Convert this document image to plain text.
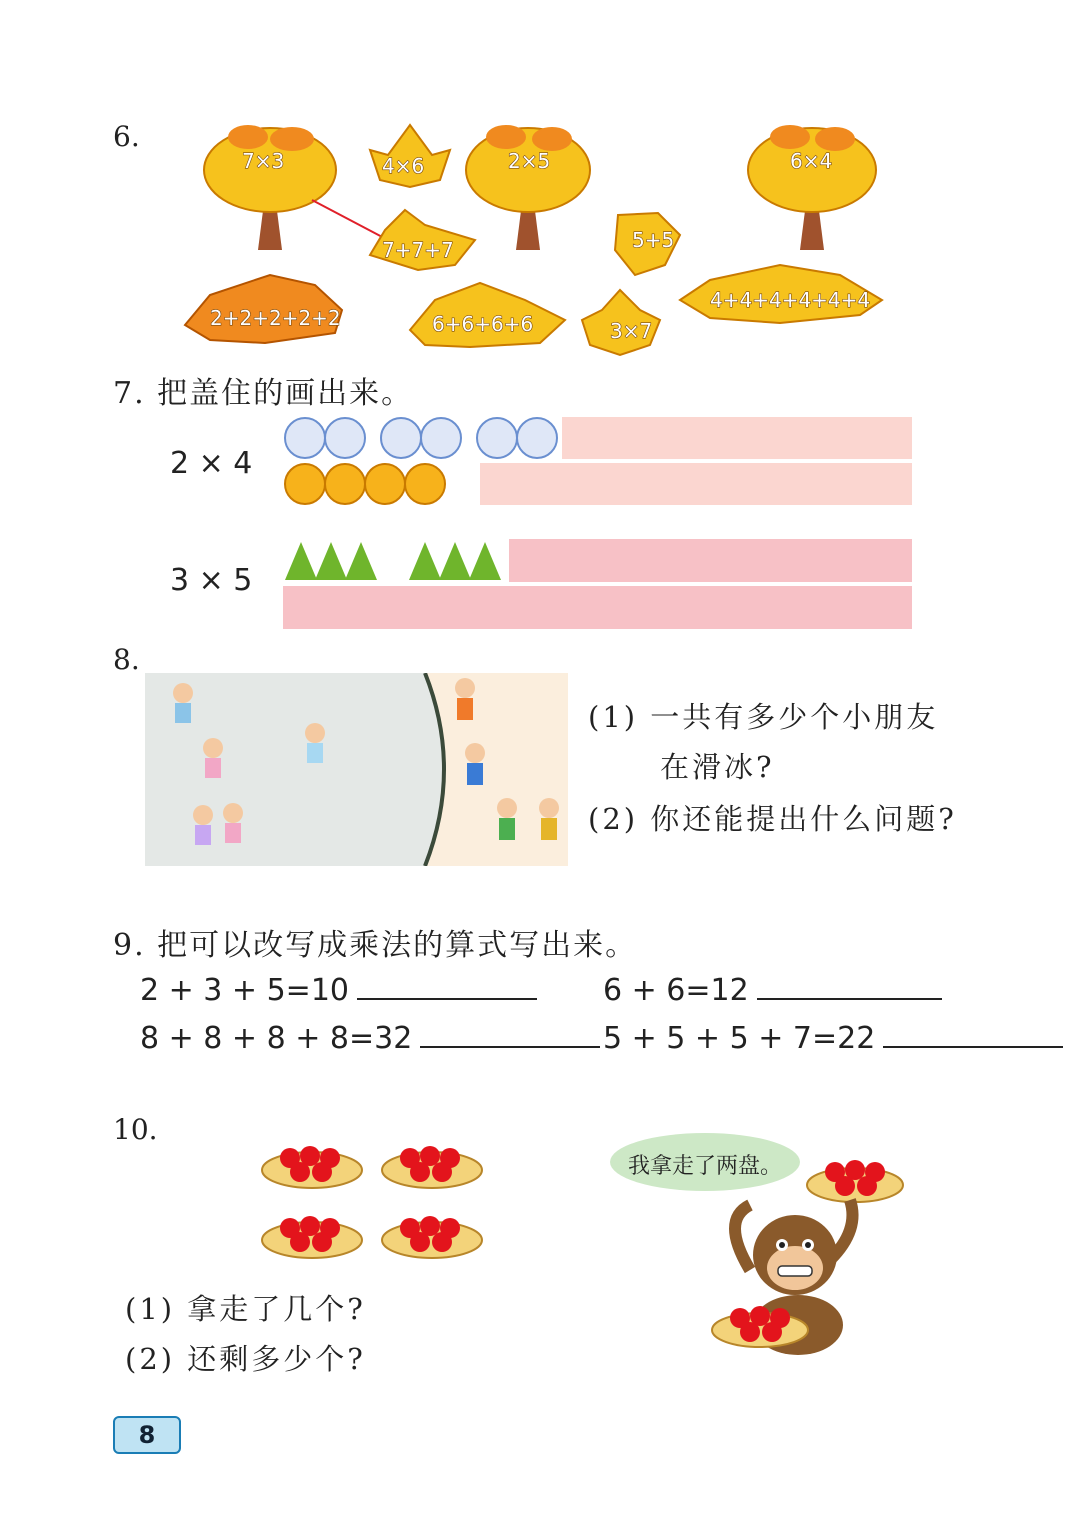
6.
7×3	4×6
7+7+7
2×5
5+5
6×4
2+2+2+2+2	6+6+6+6	3×7
4+4+4+4+4+4
7. 把盖住的画出来。
2 × 4
3 × 5
8.
(1) 一共有多少个小朋友
在滑冰?
(2) 你还能提出什么问题?
9. 把可以改写成乘法的算式写出来。
2 + 3 + 5=10	6 + 6=12
8 + 8 + 8 + 8=32	5 + 5 + 5 + 7=22
10.
我拿走了两盘。
(1) 拿走了几个?
(2) 还剩多少个?
8
